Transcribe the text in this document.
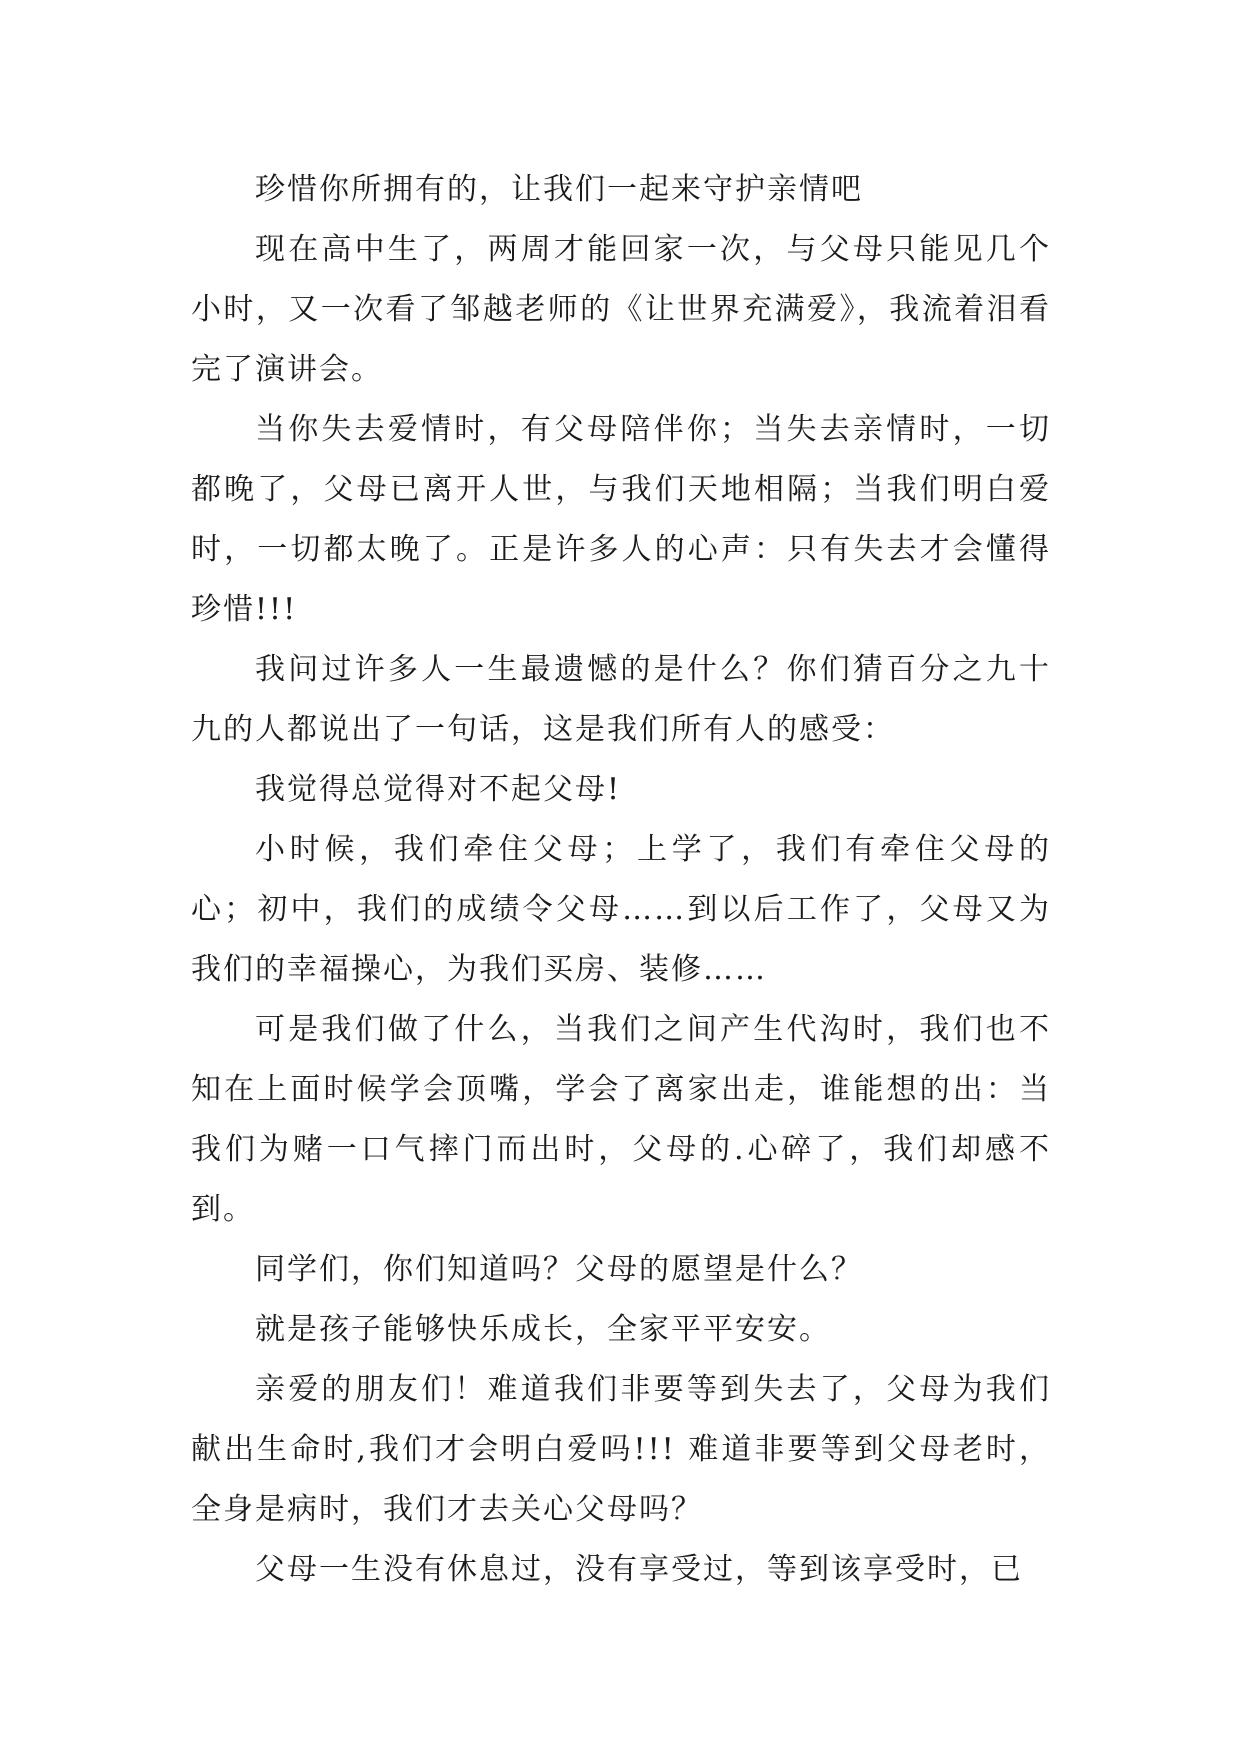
珍惜你所拥有的，让我们一起来守护亲情吧

现在高中生了，两周才能回家一次，与父母只能见几个小时，又一次看了邹越老师的《让世界充满爱》，我流着泪看完了演讲会。

当你失去爱情时，有父母陪伴你；当失去亲情时，一切都晚了，父母已离开人世，与我们天地相隔；当我们明白爱时，一切都太晚了。正是许多人的心声：只有失去才会懂得珍惜!!!

我问过许多人一生最遗憾的是什么？你们猜百分之九十九的人都说出了一句话，这是我们所有人的感受：

我觉得总觉得对不起父母!

小时候，我们牵住父母；上学了，我们有牵住父母的心；初中，我们的成绩令父母……到以后工作了，父母又为我们的幸福操心，为我们买房、装修……

可是我们做了什么，当我们之间产生代沟时，我们也不知在上面时候学会顶嘴，学会了离家出走，谁能想的出：当我们为赌一口气摔门而出时，父母的.心碎了，我们却感不到。

同学们，你们知道吗？父母的愿望是什么？

就是孩子能够快乐成长，全家平平安安。

亲爱的朋友们！难道我们非要等到失去了，父母为我们献出生命时,我们才会明白爱吗!!! 难道非要等到父母老时，全身是病时，我们才去关心父母吗？

父母一生没有休息过，没有享受过，等到该享受时，已
